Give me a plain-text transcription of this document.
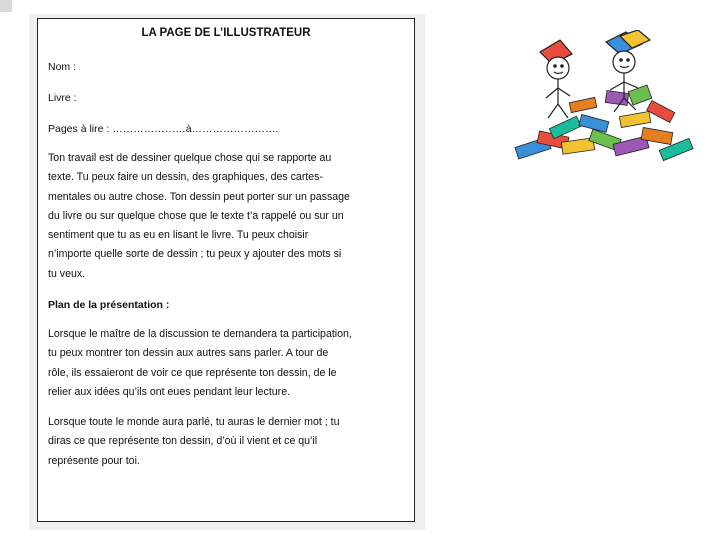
LA PAGE DE L’ILLUSTRATEUR
Nom :
Livre :
Pages à lire : …………………à…………………….
Ton travail est de dessiner quelque chose qui se rapporte au
texte. Tu peux faire un dessin, des graphiques, des cartes-
mentales ou autre chose. Ton dessin peut porter sur un passage
du livre ou sur quelque chose que le texte t’a rappelé ou sur un
sentiment que tu as eu en lisant le livre. Tu peux choisir
n’importe quelle sorte de dessin ; tu peux y ajouter des mots si
tu veux.
Plan de la présentation :
Lorsque le maître de la discussion te demandera ta participation,
tu peux montrer ton dessin aux autres sans parler. A tour de
rôle, ils essaieront de voir ce que représente ton dessin, de le
relier aux idées qu’ils ont eues pendant leur lecture.
Lorsque toute le monde aura parlé, tu auras le dernier mot ; tu
diras ce que représente ton dessin, d’où il vient et ce qu’il
représente pour toi.
